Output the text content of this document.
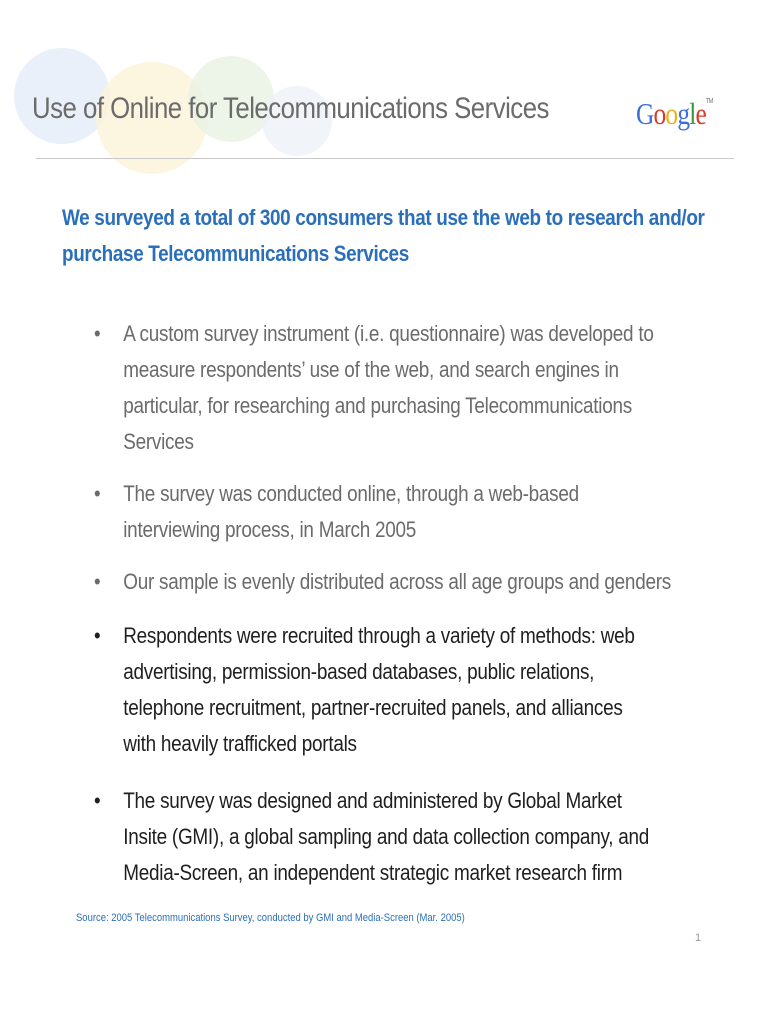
Use of Online for Telecommunications Services	Google™
We surveyed a total of 300 consumers that use the web to research and/or purchase Telecommunications Services
• A custom survey instrument (i.e. questionnaire) was developed to measure respondents’ use of the web, and search engines in particular, for researching and purchasing Telecommunications Services
• The survey was conducted online, through a web-based interviewing process, in March 2005
• Our sample is evenly distributed across all age groups and genders
• Respondents were recruited through a variety of methods: web advertising, permission-based databases, public relations, telephone recruitment, partner-recruited panels, and alliances with heavily trafficked portals
• The survey was designed and administered by Global Market Insite (GMI), a global sampling and data collection company, and Media-Screen, an independent strategic market research firm
Source: 2005 Telecommunications Survey, conducted by GMI and Media-Screen (Mar. 2005)
1
